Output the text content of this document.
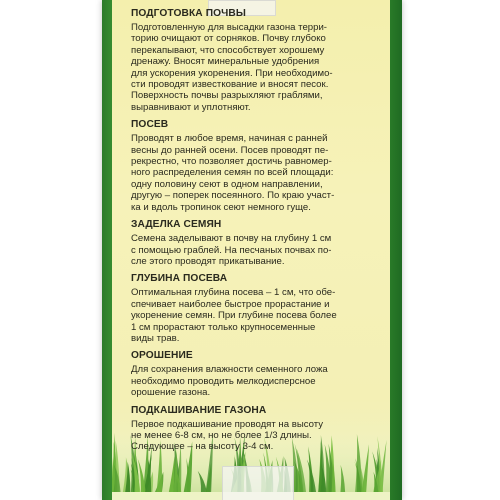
ПОДГОТОВКА ПОЧВЫ

Подготовленную для высадки газона терри-
торию очищают от сорняков. Почву глубоко
перекапывают, что способствует хорошему
дренажу. Вносят минеральные удобрения
для ускорения укоренения. При необходимо-
сти проводят известкование и вносят песок.
Поверхность почвы разрыхляют граблями,
выравнивают и уплотняют.

ПОСЕВ

Проводят в любое время, начиная с ранней
весны до ранней осени. Посев проводят пе-
рекрестно, что позволяет достичь равномер-
ного распределения семян по всей площади:
одну половину сеют в одном направлении,
другую – поперек посеянного. По краю участ-
ка и вдоль тропинок сеют немного гуще.

ЗАДЕЛКА СЕМЯН

Семена заделывают в почву на глубину 1 см
с помощью граблей. На песчаных почвах по-
сле этого проводят прикатывание.

ГЛУБИНА ПОСЕВА

Оптимальная глубина посева – 1 см, что обе-
спечивает наиболее быстрое прорастание и
укоренение семян. При глубине посева более
1 см прорастают только крупносеменные
виды трав.

ОРОШЕНИЕ

Для сохранения влажности семенного ложа
необходимо проводить мелкодисперсное
орошение газона.

ПОДКАШИВАНИЕ ГАЗОНА

Первое подкашивание проводят на высоту
не менее 6-8 см, но не более 1/3 длины.
Следующее – на высоту 3-4 см.
